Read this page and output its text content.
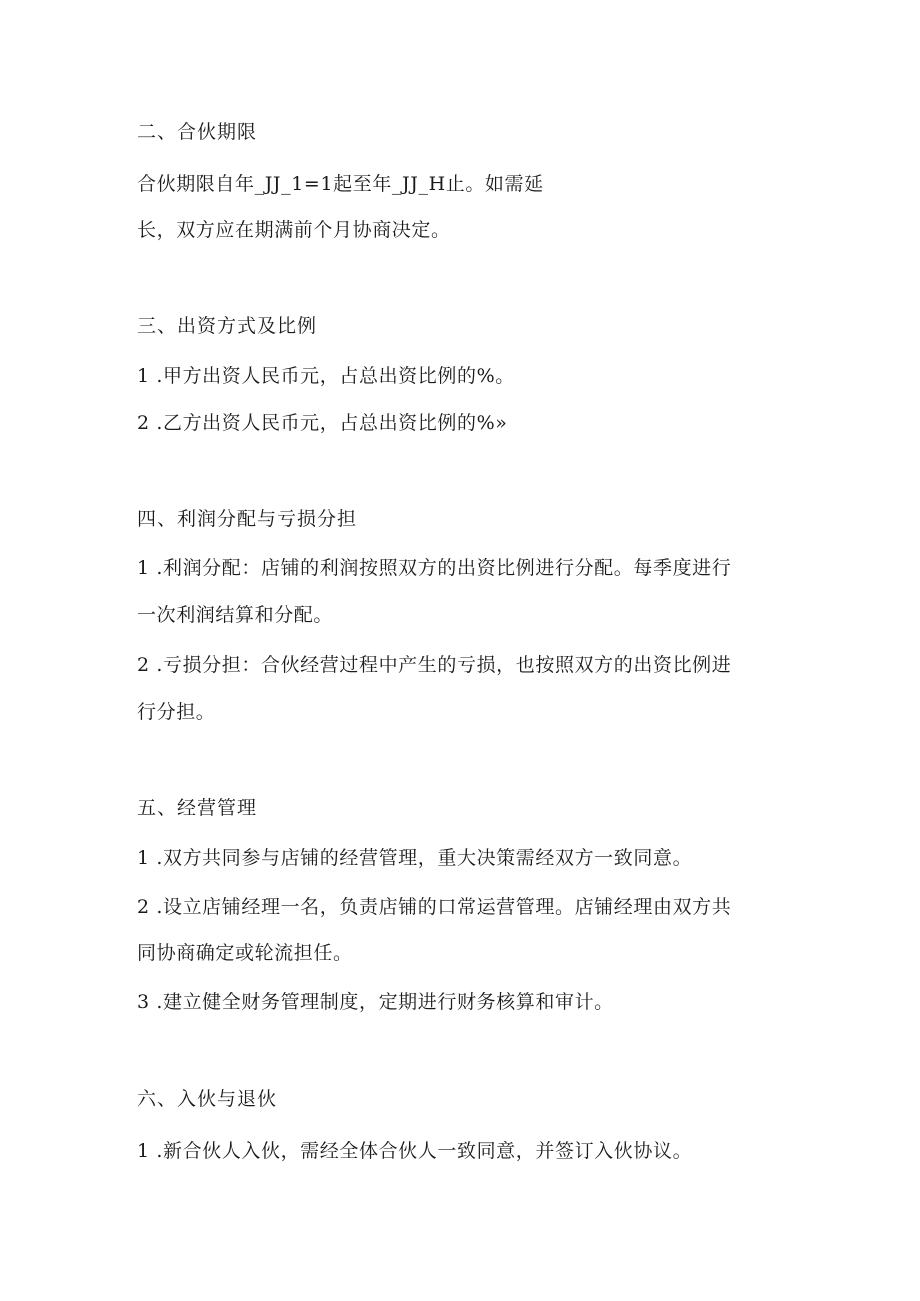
二、合伙期限
合伙期限自年_JJ_1=1起至年_JJ_H止。如需延
长，双方应在期满前个月协商决定。
三、出资方式及比例
1 .甲方出资人民币元，占总出资比例的%。
2 .乙方出资人民币元，占总出资比例的%»
四、利润分配与亏损分担
1 .利润分配：店铺的利润按照双方的出资比例进行分配。每季度进行
一次利润结算和分配。
2 .亏损分担：合伙经营过程中产生的亏损，也按照双方的出资比例进
行分担。
五、经营管理
1 .双方共同参与店铺的经营管理，重大决策需经双方一致同意。
2 .设立店铺经理一名，负责店铺的口常运营管理。店铺经理由双方共
同协商确定或轮流担任。
3 .建立健全财务管理制度，定期进行财务核算和审计。
六、入伙与退伙
1 .新合伙人入伙，需经全体合伙人一致同意，并签订入伙协议。
